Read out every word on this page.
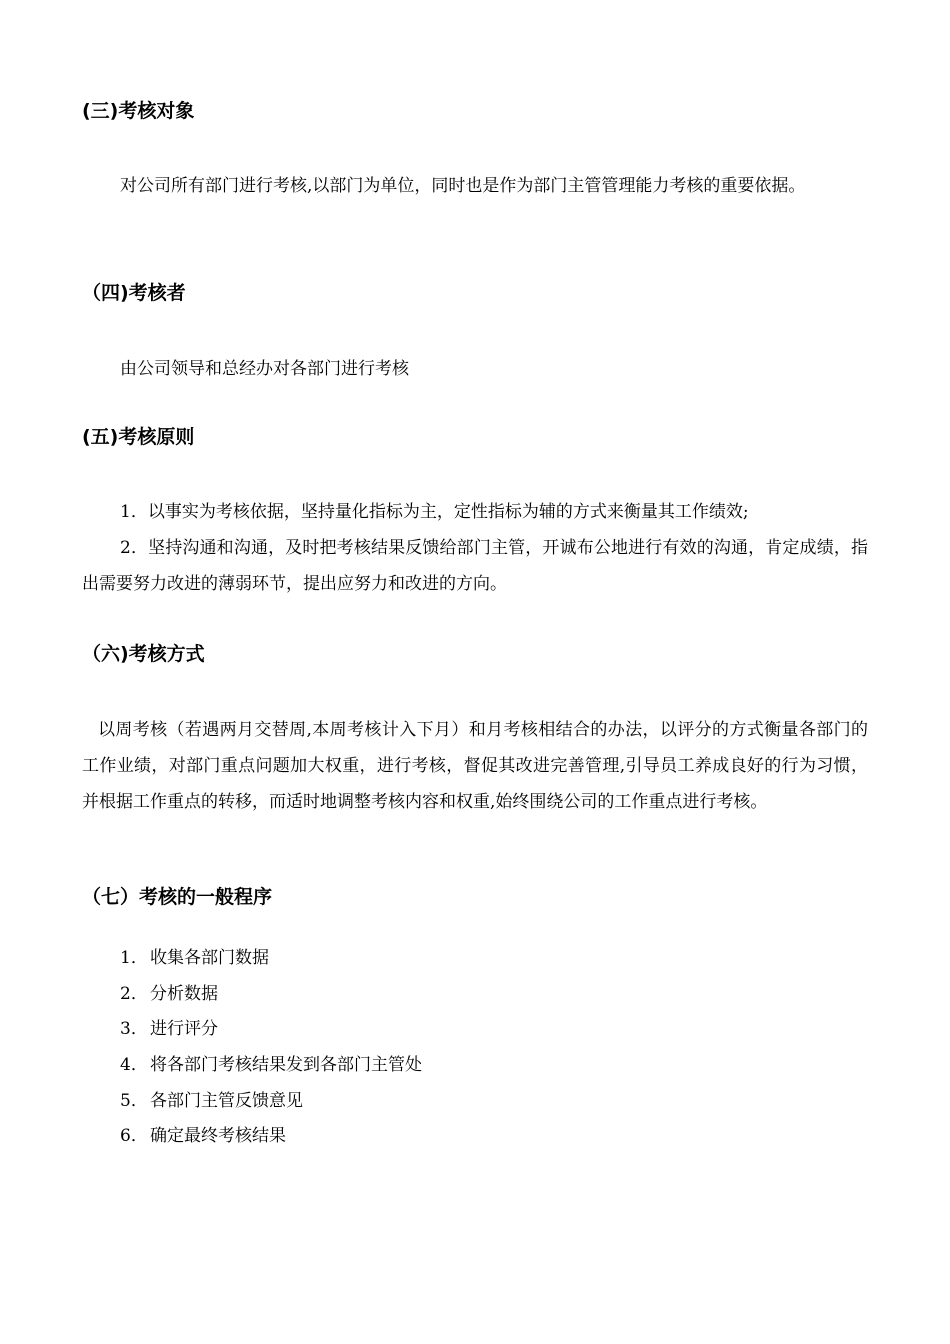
(三)考核对象

对公司所有部门进行考核,以部门为单位，同时也是作为部门主管管理能力考核的重要依据。

（四)考核者

由公司领导和总经办对各部门进行考核

(五)考核原则

1．以事实为考核依据，坚持量化指标为主，定性指标为辅的方式来衡量其工作绩效;

2．坚持沟通和沟通，及时把考核结果反馈给部门主管，开诚布公地进行有效的沟通，肯定成绩，指出需要努力改进的薄弱环节，提出应努力和改进的方向。

（六)考核方式

以周考核（若遇两月交替周,本周考核计入下月）和月考核相结合的办法，以评分的方式衡量各部门的工作业绩，对部门重点问题加大权重，进行考核，督促其改进完善管理,引导员工养成良好的行为习惯，并根据工作重点的转移，而适时地调整考核内容和权重,始终围绕公司的工作重点进行考核。

（七）考核的一般程序

1． 收集各部门数据

2． 分析数据

3． 进行评分

4． 将各部门考核结果发到各部门主管处

5． 各部门主管反馈意见

6． 确定最终考核结果
